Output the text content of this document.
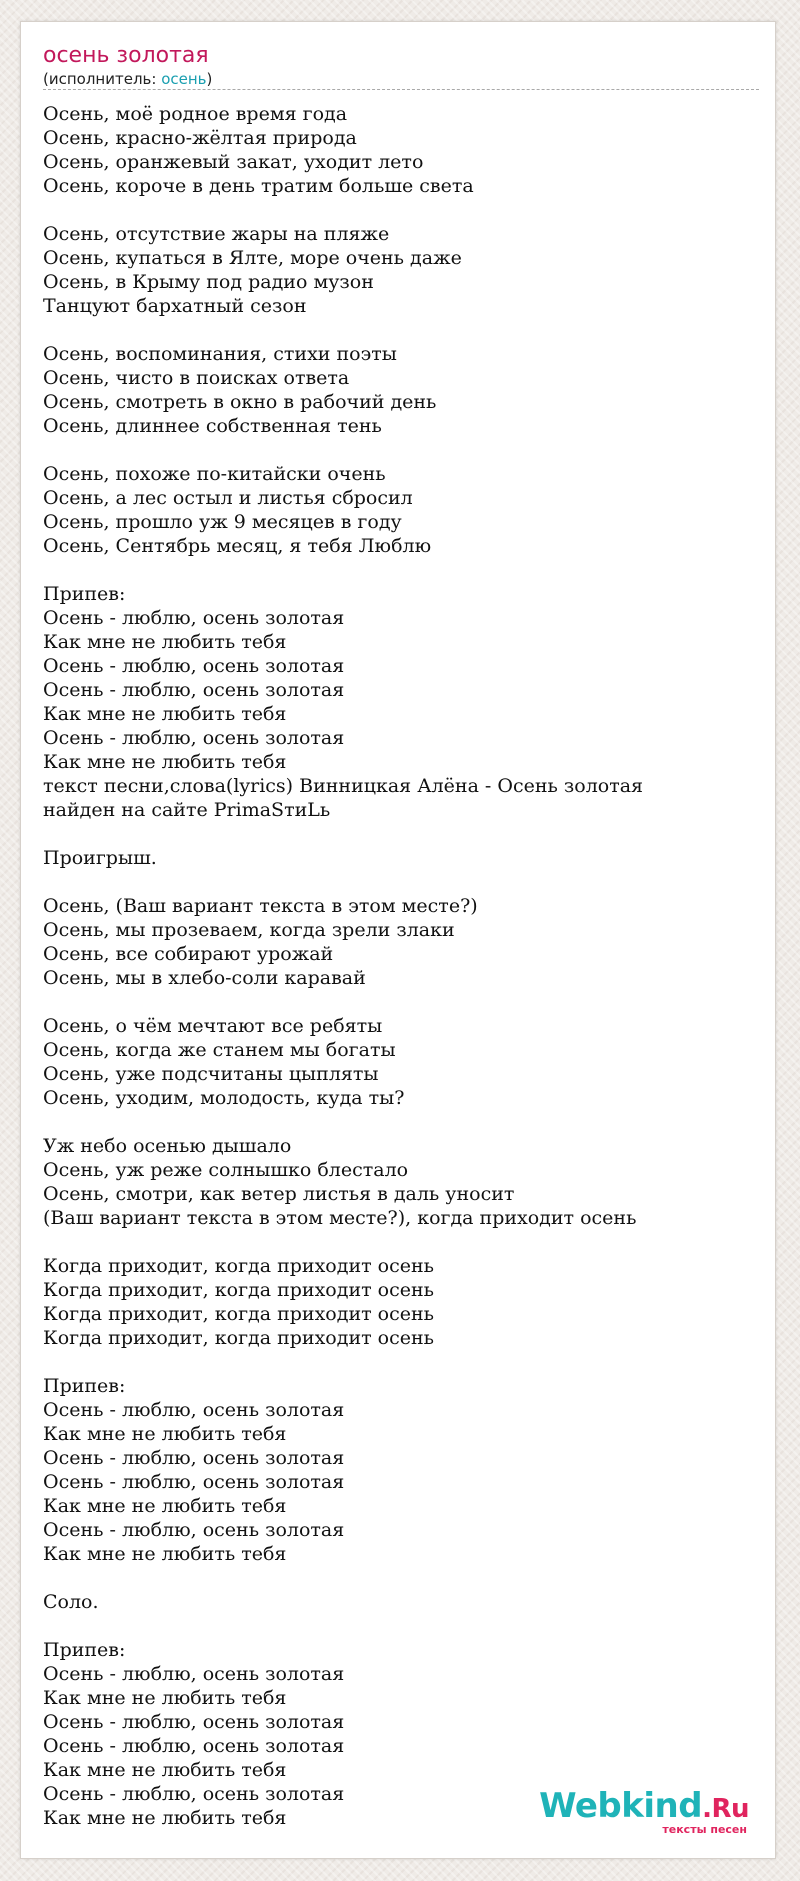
осень золотая

(исполнитель: осень)

Осень, моё родное время года
Осень, красно-жёлтая природа
Осень, оранжевый закат, уходит лето
Осень, короче в день тратим больше света

Осень, отсутствие жары на пляже
Осень, купаться в Ялте, море очень даже
Осень, в Крыму под радио музон
Танцуют бархатный сезон

Осень, воспоминания, стихи поэты
Осень, чисто в поисках ответа
Осень, смотреть в окно в рабочий день
Осень, длиннее собственная тень

Осень, похоже по-китайски очень
Осень, а лес остыл и листья сбросил
Осень, прошло уж 9 месяцев в году
Осень, Сентябрь месяц, я тебя Люблю

Припев:
Осень - люблю, осень золотая
Как мне не любить тебя
Осень - люблю, осень золотая
Осень - люблю, осень золотая
Как мне не любить тебя
Осень - люблю, осень золотая
Как мне не любить тебя
текст песни,слова(lyrics) Винницкая Алёна - Осень золотая
найден на сайте PrimaSтиLь

Проигрыш.

Осень, (Ваш вариант текста в этом месте?)
Осень, мы прозеваем, когда зрели злаки
Осень, все собирают урожай
Осень, мы в хлебо-соли каравай

Осень, о чём мечтают все ребяты
Осень, когда же станем мы богаты
Осень, уже подсчитаны цыпляты
Осень, уходим, молодость, куда ты?

Уж небо осенью дышало
Осень, уж реже солнышко блестало
Осень, смотри, как ветер листья в даль уносит
(Ваш вариант текста в этом месте?), когда приходит осень

Когда приходит, когда приходит осень
Когда приходит, когда приходит осень
Когда приходит, когда приходит осень
Когда приходит, когда приходит осень

Припев:
Осень - люблю, осень золотая
Как мне не любить тебя
Осень - люблю, осень золотая
Осень - люблю, осень золотая
Как мне не любить тебя
Осень - люблю, осень золотая
Как мне не любить тебя

Соло.

Припев:
Осень - люблю, осень золотая
Как мне не любить тебя
Осень - люблю, осень золотая
Осень - люблю, осень золотая
Как мне не любить тебя
Осень - люблю, осень золотая
Как мне не любить тебя	Webkind.Ru
тексты песен
